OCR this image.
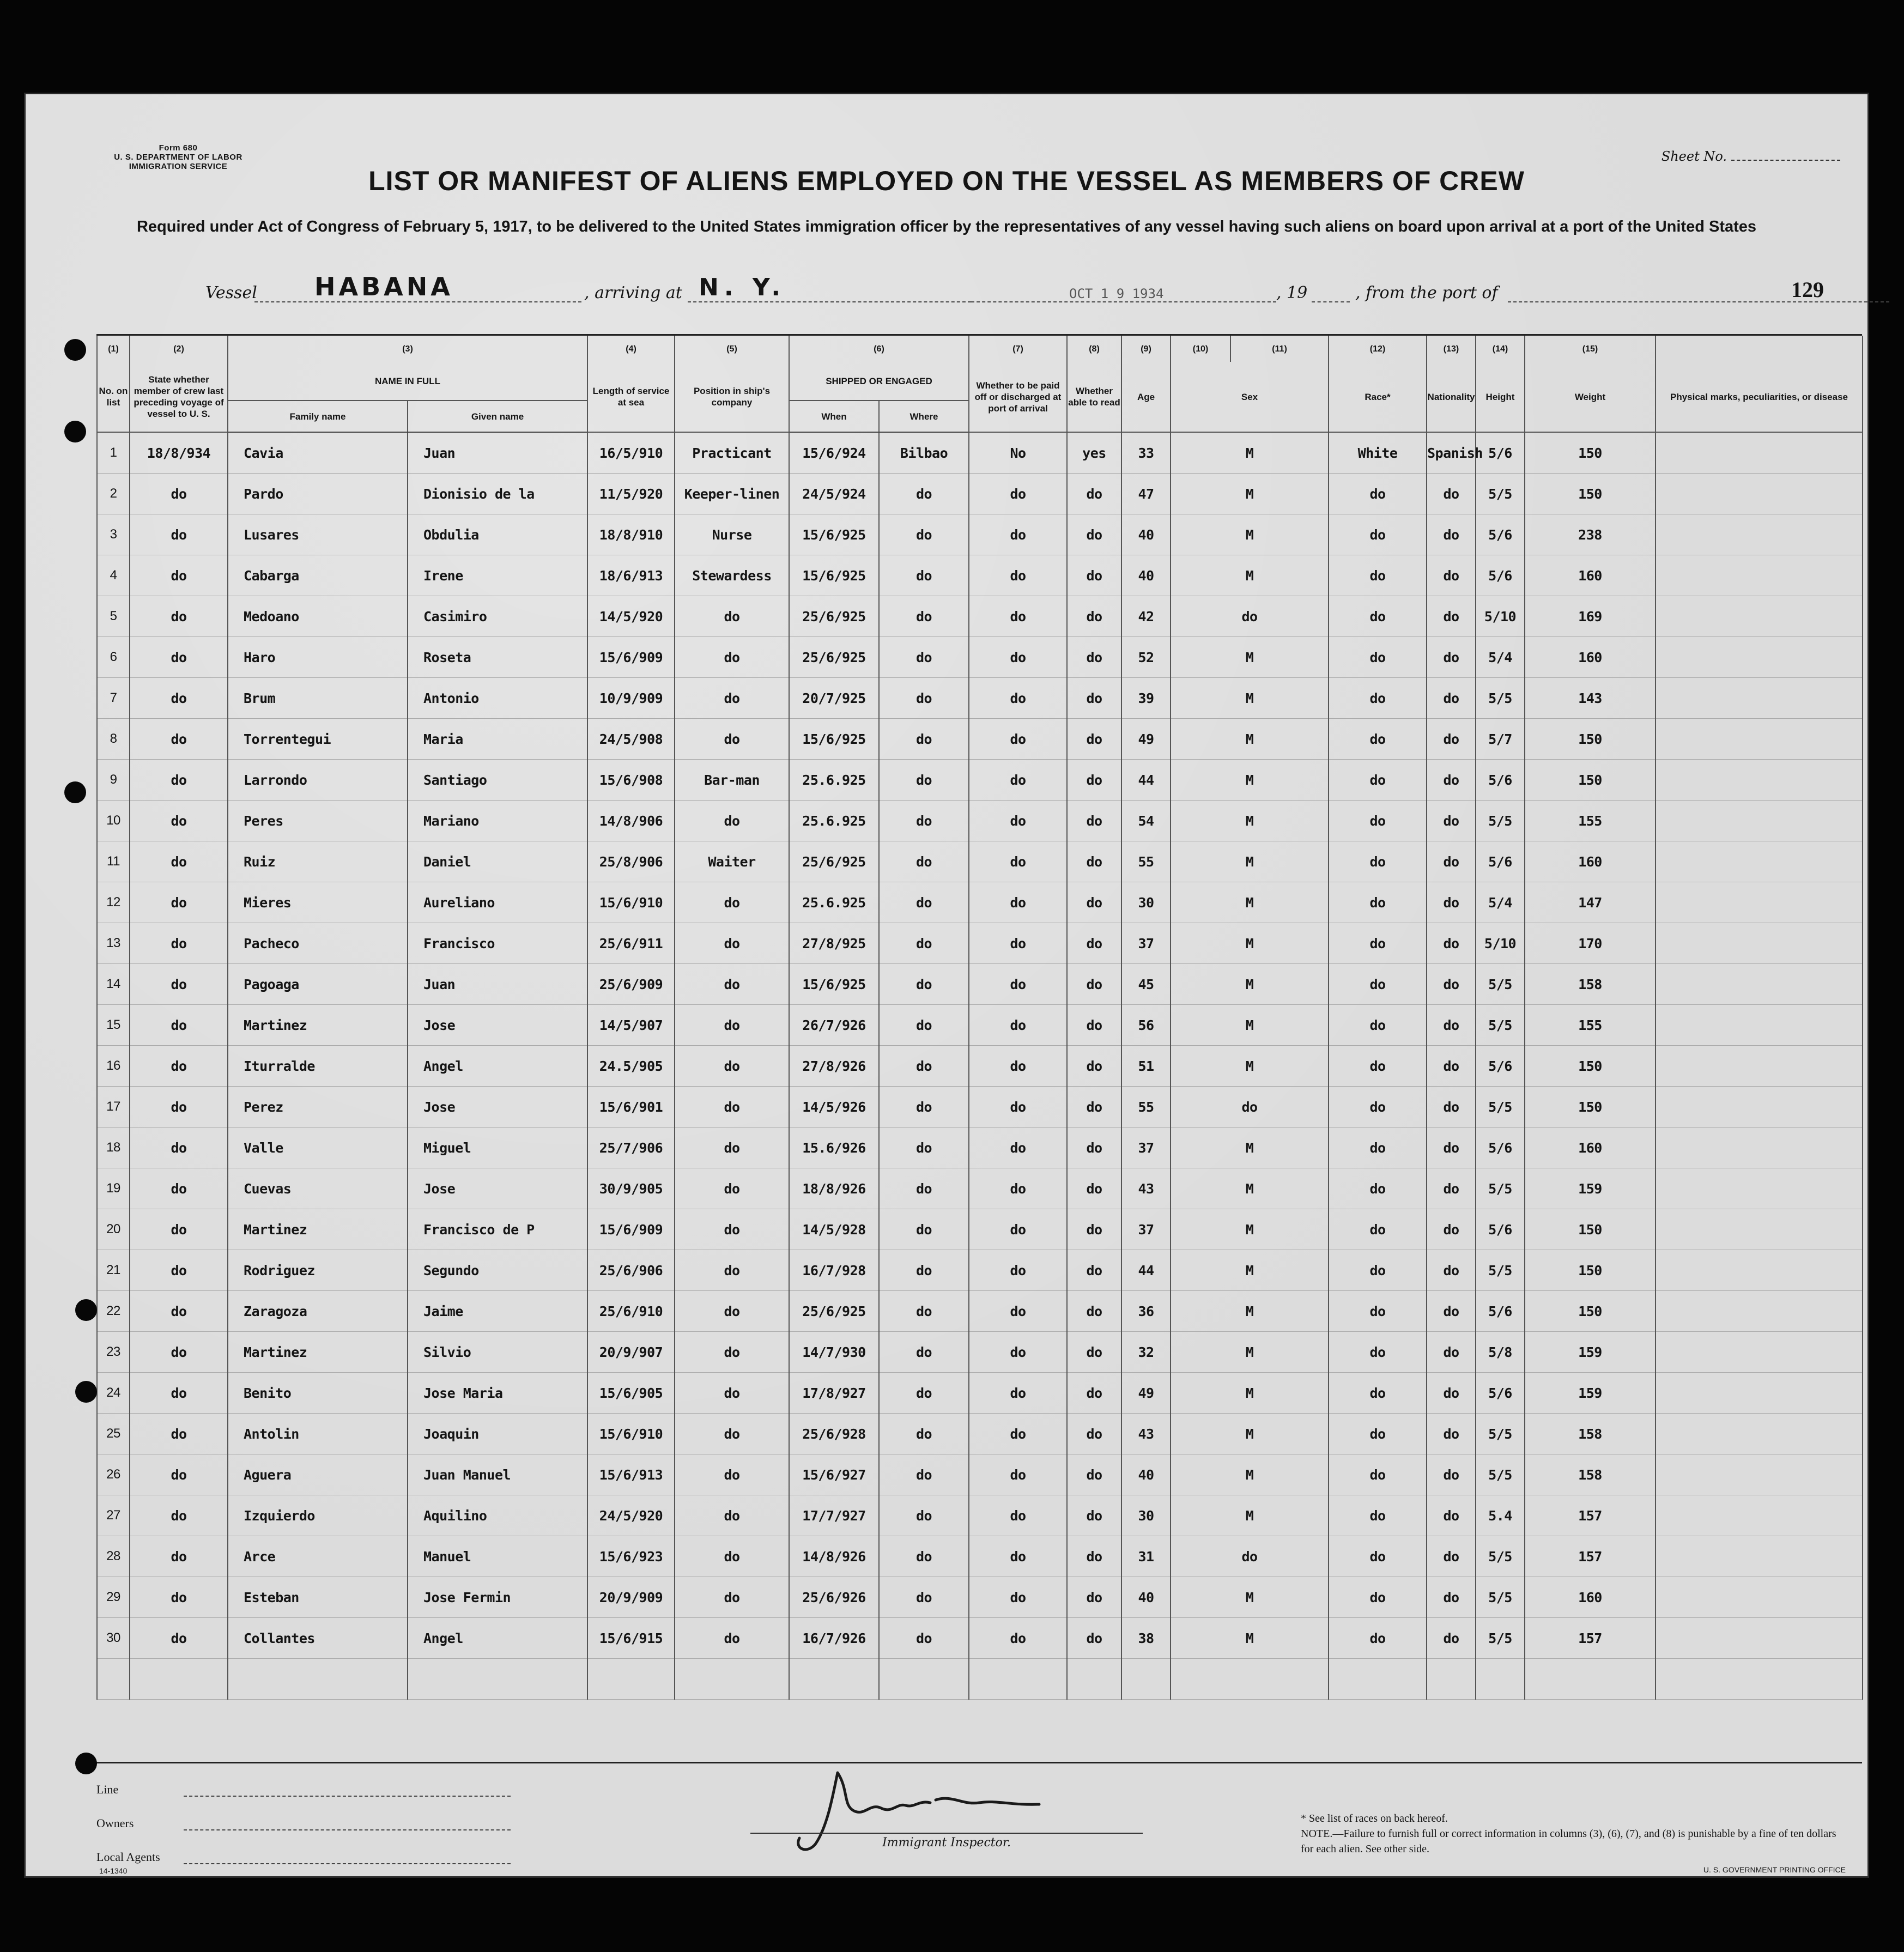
Form 680
U. S. DEPARTMENT OF LABOR
IMMIGRATION SERVICE
Sheet No.
LIST OR MANIFEST OF ALIENS EMPLOYED ON THE VESSEL AS MEMBERS OF CREW
Required under Act of Congress of February 5, 1917, to be delivered to the United States immigration officer by the representatives of any vessel having such aliens on board upon arrival at a port of the United States
Vessel	HABANA	, arriving at N. Y.	OCT 1 9 1934	, 19	, from the port of	129
(1)	(2)	(3)		(4)	(5)	(6)		(7)	(8)	(9)	(10)	(11)	(12)	(13)	(14)	(15)		
No. on list	State whether member of crew last preceding voyage of vessel to U. S.	NAME IN FULL		Length of service at sea	Position in ship's company	SHIPPED OR ENGAGED		Whether to be paid off or discharged at port of arrival	Whether able to read	Age	Sex		Race*	Nationality	Height	Weight	Physical marks, peculiarities, or disease	
		Family name	Given name			When	Where											
1	18/8/934	Cavia	Juan	16/5/910	Practicant	15/6/924	Bilbao	No	yes	33	M		White	Spanish	5/6	150		
2	do	Pardo	Dionisio de la	11/5/920	Keeper-linen	24/5/924	do	do	do	47	M		do	do	5/5	150		
3	do	Lusares	Obdulia	18/8/910	Nurse	15/6/925	do	do	do	40	M		do	do	5/6	238		
4	do	Cabarga	Irene	18/6/913	Stewardess	15/6/925	do	do	do	40	M		do	do	5/6	160		
5	do	Medoano	Casimiro	14/5/920	do	25/6/925	do	do	do	42	do		do	do	5/10	169		
6	do	Haro	Roseta	15/6/909	do	25/6/925	do	do	do	52	M		do	do	5/4	160		
7	do	Brum	Antonio	10/9/909	do	20/7/925	do	do	do	39	M		do	do	5/5	143		
8	do	Torrentegui	Maria	24/5/908	do	15/6/925	do	do	do	49	M		do	do	5/7	150		
9	do	Larrondo	Santiago	15/6/908	Bar-man	25.6.925	do	do	do	44	M		do	do	5/6	150		
10	do	Peres	Mariano	14/8/906	do	25.6.925	do	do	do	54	M		do	do	5/5	155		
11	do	Ruiz	Daniel	25/8/906	Waiter	25/6/925	do	do	do	55	M		do	do	5/6	160		
12	do	Mieres	Aureliano	15/6/910	do	25.6.925	do	do	do	30	M		do	do	5/4	147		
13	do	Pacheco	Francisco	25/6/911	do	27/8/925	do	do	do	37	M		do	do	5/10	170		
14	do	Pagoaga	Juan	25/6/909	do	15/6/925	do	do	do	45	M		do	do	5/5	158		
15	do	Martinez	Jose	14/5/907	do	26/7/926	do	do	do	56	M		do	do	5/5	155		
16	do	Iturralde	Angel	24.5/905	do	27/8/926	do	do	do	51	M		do	do	5/6	150		
17	do	Perez	Jose	15/6/901	do	14/5/926	do	do	do	55	do		do	do	5/5	150		
18	do	Valle	Miguel	25/7/906	do	15.6/926	do	do	do	37	M		do	do	5/6	160		
19	do	Cuevas	Jose	30/9/905	do	18/8/926	do	do	do	43	M		do	do	5/5	159		
20	do	Martinez	Francisco de P	15/6/909	do	14/5/928	do	do	do	37	M		do	do	5/6	150		
21	do	Rodriguez	Segundo	25/6/906	do	16/7/928	do	do	do	44	M		do	do	5/5	150		
22	do	Zaragoza	Jaime	25/6/910	do	25/6/925	do	do	do	36	M		do	do	5/6	150		
23	do	Martinez	Silvio	20/9/907	do	14/7/930	do	do	do	32	M		do	do	5/8	159		
24	do	Benito	Jose Maria	15/6/905	do	17/8/927	do	do	do	49	M		do	do	5/6	159		
25	do	Antolin	Joaquin	15/6/910	do	25/6/928	do	do	do	43	M		do	do	5/5	158		
26	do	Aguera	Juan Manuel	15/6/913	do	15/6/927	do	do	do	40	M		do	do	5/5	158		
27	do	Izquierdo	Aquilino	24/5/920	do	17/7/927	do	do	do	30	M		do	do	5.4	157		
28	do	Arce	Manuel	15/6/923	do	14/8/926	do	do	do	31	do		do	do	5/5	157		
29	do	Esteban	Jose Fermin	20/9/909	do	25/6/926	do	do	do	40	M		do	do	5/5	160		
30	do	Collantes	Angel	15/6/915	do	16/7/926	do	do	do	38	M		do	do	5/5	157		

Line
Owners
Local Agents
14-1340
Immigrant Inspector.
* See list of races on back hereof.
NOTE.—Failure to furnish full or correct information in columns (3), (6), (7), and (8) is punishable by a fine of ten dollars for each alien. See other side.
U. S. GOVERNMENT PRINTING OFFICE
